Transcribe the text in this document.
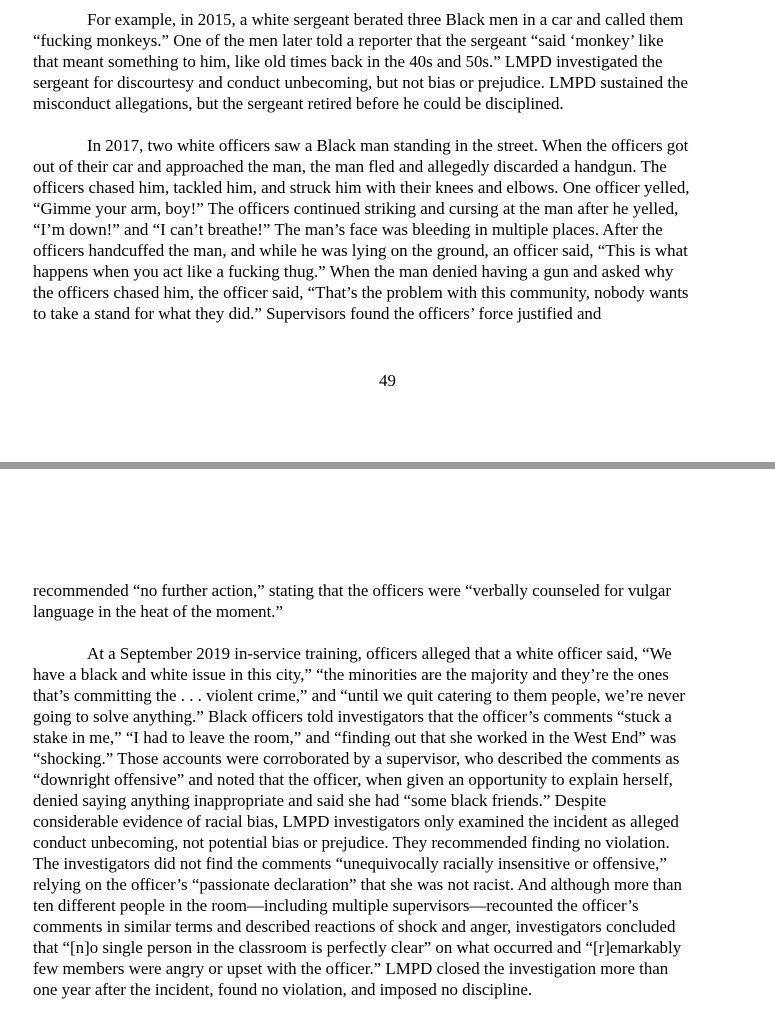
For example, in 2015, a white sergeant berated three Black men in a car and called them
“fucking monkeys.” One of the men later told a reporter that the sergeant “said ‘monkey’ like
that meant something to him, like old times back in the 40s and 50s.” LMPD investigated the
sergeant for discourtesy and conduct unbecoming, but not bias or prejudice. LMPD sustained the
misconduct allegations, but the sergeant retired before he could be disciplined.

In 2017, two white officers saw a Black man standing in the street. When the officers got
out of their car and approached the man, the man fled and allegedly discarded a handgun. The
officers chased him, tackled him, and struck him with their knees and elbows. One officer yelled,
“Gimme your arm, boy!” The officers continued striking and cursing at the man after he yelled,
“I’m down!” and “I can’t breathe!” The man’s face was bleeding in multiple places. After the
officers handcuffed the man, and while he was lying on the ground, an officer said, “This is what
happens when you act like a fucking thug.” When the man denied having a gun and asked why
the officers chased him, the officer said, “That’s the problem with this community, nobody wants
to take a stand for what they did.” Supervisors found the officers’ force justified and

49

recommended “no further action,” stating that the officers were “verbally counseled for vulgar
language in the heat of the moment.”

At a September 2019 in-service training, officers alleged that a white officer said, “We
have a black and white issue in this city,” “the minorities are the majority and they’re the ones
that’s committing the . . . violent crime,” and “until we quit catering to them people, we’re never
going to solve anything.” Black officers told investigators that the officer’s comments “stuck a
stake in me,” “I had to leave the room,” and “finding out that she worked in the West End” was
“shocking.” Those accounts were corroborated by a supervisor, who described the comments as
“downright offensive” and noted that the officer, when given an opportunity to explain herself,
denied saying anything inappropriate and said she had “some black friends.” Despite
considerable evidence of racial bias, LMPD investigators only examined the incident as alleged
conduct unbecoming, not potential bias or prejudice. They recommended finding no violation.
The investigators did not find the comments “unequivocally racially insensitive or offensive,”
relying on the officer’s “passionate declaration” that she was not racist. And although more than
ten different people in the room—including multiple supervisors—recounted the officer’s
comments in similar terms and described reactions of shock and anger, investigators concluded
that “[n]o single person in the classroom is perfectly clear” on what occurred and “[r]emarkably
few members were angry or upset with the officer.” LMPD closed the investigation more than
one year after the incident, found no violation, and imposed no discipline.
